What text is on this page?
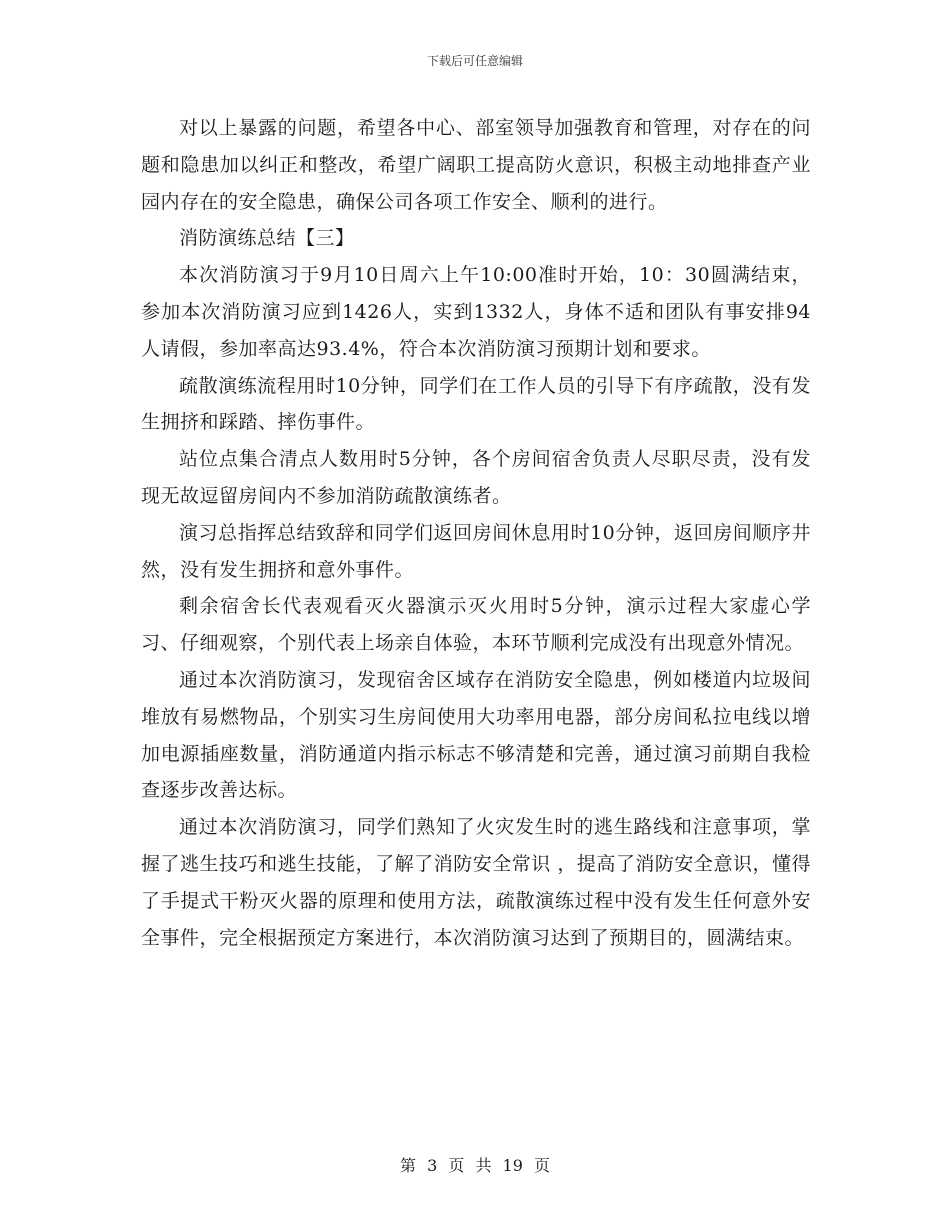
下载后可任意编辑

对以上暴露的问题，希望各中心、部室领导加强教育和管理，对存在的问题和隐患加以纠正和整改，希望广阔职工提高防火意识，积极主动地排查产业园内存在的安全隐患，确保公司各项工作安全、顺利的进行。

消防演练总结【三】

本次消防演习于9月10日周六上午10:00准时开始，10：30圆满结束，参加本次消防演习应到1426人，实到1332人，身体不适和团队有事安排94人请假，参加率高达93.4%，符合本次消防演习预期计划和要求。

疏散演练流程用时10分钟，同学们在工作人员的引导下有序疏散，没有发生拥挤和踩踏、摔伤事件。

站位点集合清点人数用时5分钟，各个房间宿舍负责人尽职尽责，没有发现无故逗留房间内不参加消防疏散演练者。

演习总指挥总结致辞和同学们返回房间休息用时10分钟，返回房间顺序井然，没有发生拥挤和意外事件。

剩余宿舍长代表观看灭火器演示灭火用时5分钟，演示过程大家虚心学习、仔细观察，个别代表上场亲自体验，本环节顺利完成没有出现意外情况。

通过本次消防演习，发现宿舍区域存在消防安全隐患，例如楼道内垃圾间堆放有易燃物品，个别实习生房间使用大功率用电器，部分房间私拉电线以增加电源插座数量，消防通道内指示标志不够清楚和完善，通过演习前期自我检查逐步改善达标。

通过本次消防演习，同学们熟知了火灾发生时的逃生路线和注意事项，掌握了逃生技巧和逃生技能，了解了消防安全常识 ，提高了消防安全意识，懂得了手提式干粉灭火器的原理和使用方法，疏散演练过程中没有发生任何意外安全事件，完全根据预定方案进行，本次消防演习达到了预期目的，圆满结束。

第 3 页 共 19 页
